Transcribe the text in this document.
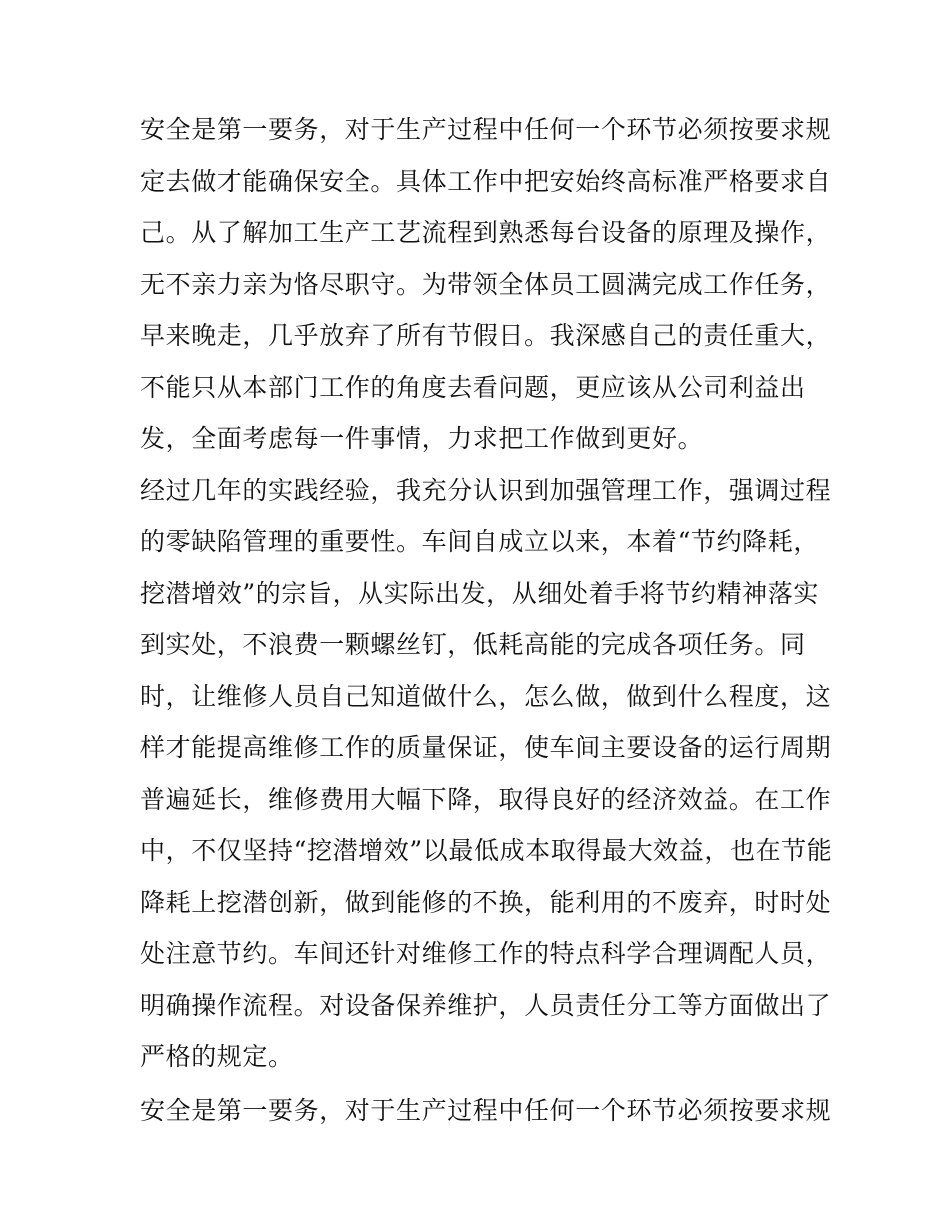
安全是第一要务，对于生产过程中任何一个环节必须按要求规
定去做才能确保安全。具体工作中把安始终高标准严格要求自
己。从了解加工生产工艺流程到熟悉每台设备的原理及操作，
无不亲力亲为恪尽职守。为带领全体员工圆满完成工作任务，
早来晚走，几乎放弃了所有节假日。我深感自己的责任重大，
不能只从本部门工作的角度去看问题，更应该从公司利益出
发，全面考虑每一件事情，力求把工作做到更好。
经过几年的实践经验，我充分认识到加强管理工作，强调过程
的零缺陷管理的重要性。车间自成立以来，本着“节约降耗，
挖潜增效”的宗旨，从实际出发，从细处着手将节约精神落实
到实处，不浪费一颗螺丝钉，低耗高能的完成各项任务。同
时，让维修人员自己知道做什么，怎么做，做到什么程度，这
样才能提高维修工作的质量保证，使车间主要设备的运行周期
普遍延长，维修费用大幅下降，取得良好的经济效益。在工作
中，不仅坚持“挖潜增效”以最低成本取得最大效益，也在节能
降耗上挖潜创新，做到能修的不换，能利用的不废弃，时时处
处注意节约。车间还针对维修工作的特点科学合理调配人员，
明确操作流程。对设备保养维护，人员责任分工等方面做出了
严格的规定。
安全是第一要务，对于生产过程中任何一个环节必须按要求规
